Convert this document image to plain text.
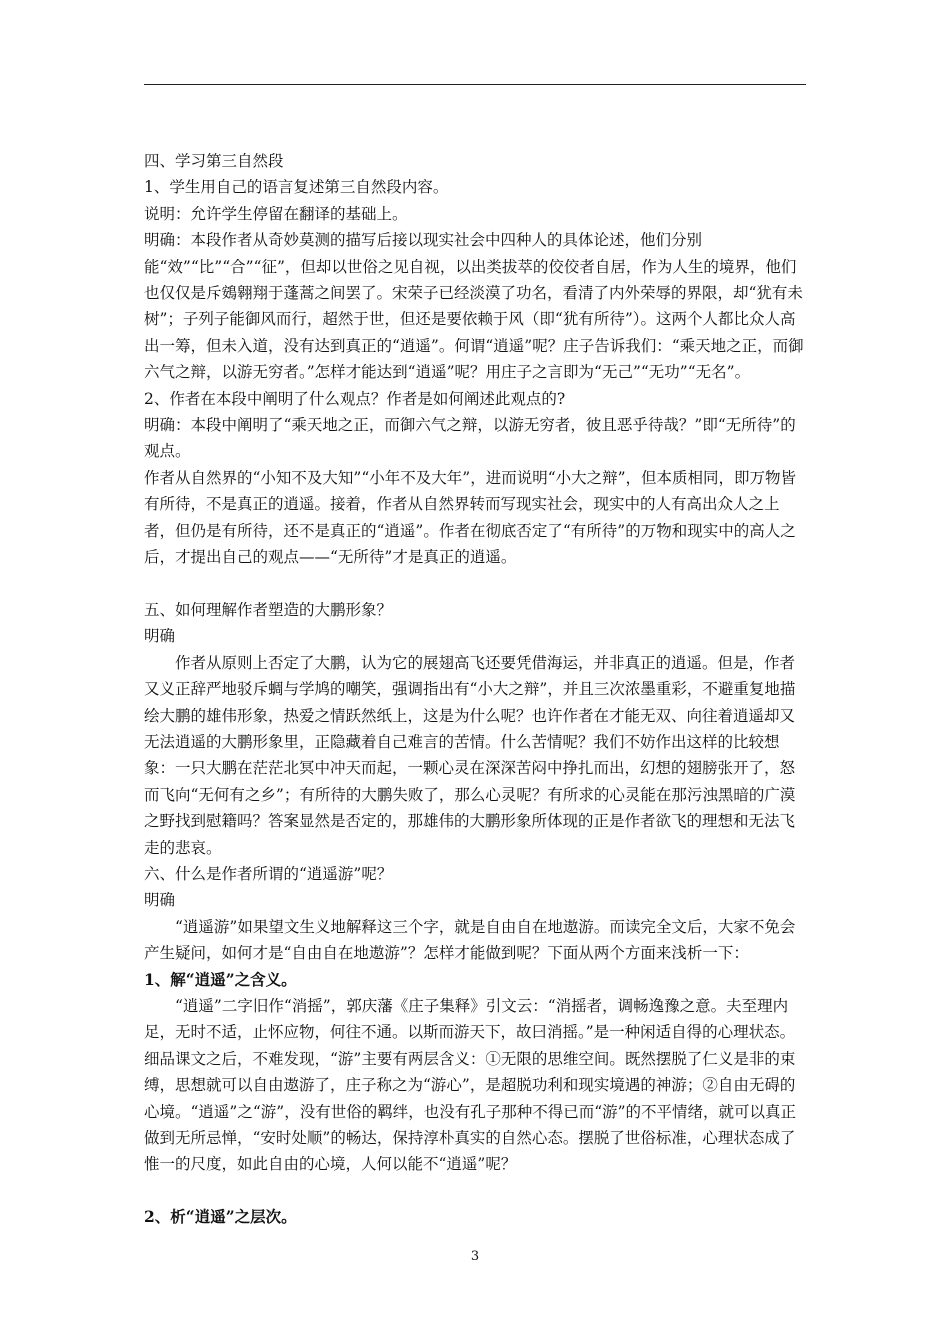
四、学习第三自然段

1、学生用自己的语言复述第三自然段内容。

说明：允许学生停留在翻译的基础上。

明确：本段作者从奇妙莫测的描写后接以现实社会中四种人的具体论述，他们分别能“效”“比”“合”“征”，但却以世俗之见自视，以出类拔萃的佼佼者自居，作为人生的境界，他们也仅仅是斥鴳翱翔于蓬蒿之间罢了。宋荣子已经淡漠了功名，看清了内外荣辱的界限，却“犹有未树”；子列子能御风而行，超然于世，但还是要依赖于风（即“犹有所待”）。这两个人都比众人高出一筹，但未入道，没有达到真正的“逍遥”。何谓“逍遥”呢？庄子告诉我们：“乘天地之正，而御六气之辩，以游无穷者。”怎样才能达到“逍遥”呢？用庄子之言即为“无己”“无功”“无名”。

2、作者在本段中阐明了什么观点？作者是如何阐述此观点的?

明确：本段中阐明了“乘天地之正，而御六气之辩，以游无穷者，彼且恶乎待哉？”即“无所待”的观点。

作者从自然界的“小知不及大知”“小年不及大年”，进而说明“小大之辩”，但本质相同，即万物皆有所待，不是真正的逍遥。接着，作者从自然界转而写现实社会，现实中的人有高出众人之上者，但仍是有所待，还不是真正的“逍遥”。作者在彻底否定了“有所待”的万物和现实中的高人之后，才提出自己的观点——“无所待”才是真正的逍遥。

五、如何理解作者塑造的大鹏形象？

明确

作者从原则上否定了大鹏，认为它的展翅高飞还要凭借海运，并非真正的逍遥。但是，作者又义正辞严地驳斥蜩与学鸠的嘲笑，强调指出有“小大之辩”，并且三次浓墨重彩，不避重复地描绘大鹏的雄伟形象，热爱之情跃然纸上，这是为什么呢？也许作者在才能无双、向往着逍遥却又无法逍遥的大鹏形象里，正隐藏着自己难言的苦情。什么苦情呢？我们不妨作出这样的比较想象：一只大鹏在茫茫北冥中冲天而起，一颗心灵在深深苦闷中挣扎而出，幻想的翅膀张开了，怒而飞向“无何有之乡”；有所待的大鹏失败了，那么心灵呢？有所求的心灵能在那污浊黑暗的广漠之野找到慰籍吗？答案显然是否定的，那雄伟的大鹏形象所体现的正是作者欲飞的理想和无法飞走的悲哀。

六、什么是作者所谓的“逍遥游”呢？

明确

“逍遥游”如果望文生义地解释这三个字，就是自由自在地遨游。而读完全文后，大家不免会产生疑问，如何才是“自由自在地遨游”？怎样才能做到呢？下面从两个方面来浅析一下：

1、解“逍遥”之含义。

“逍遥”二字旧作“消摇”，郭庆藩《庄子集释》引文云：“消摇者，调畅逸豫之意。夫至理内足，无时不适，止怀应物，何往不通。以斯而游天下，故曰消摇。”是一种闲适自得的心理状态。细品课文之后，不难发现，“游”主要有两层含义：①无限的思维空间。既然摆脱了仁义是非的束缚，思想就可以自由遨游了，庄子称之为“游心”，是超脱功利和现实境遇的神游；②自由无碍的心境。“逍遥”之“游”，没有世俗的羁绊，也没有孔子那种不得已而“游”的不平情绪，就可以真正做到无所忌惮，“安时处顺”的畅达，保持淳朴真实的自然心态。摆脱了世俗标准，心理状态成了惟一的尺度，如此自由的心境，人何以能不“逍遥”呢？

2、析“逍遥”之层次。

3
